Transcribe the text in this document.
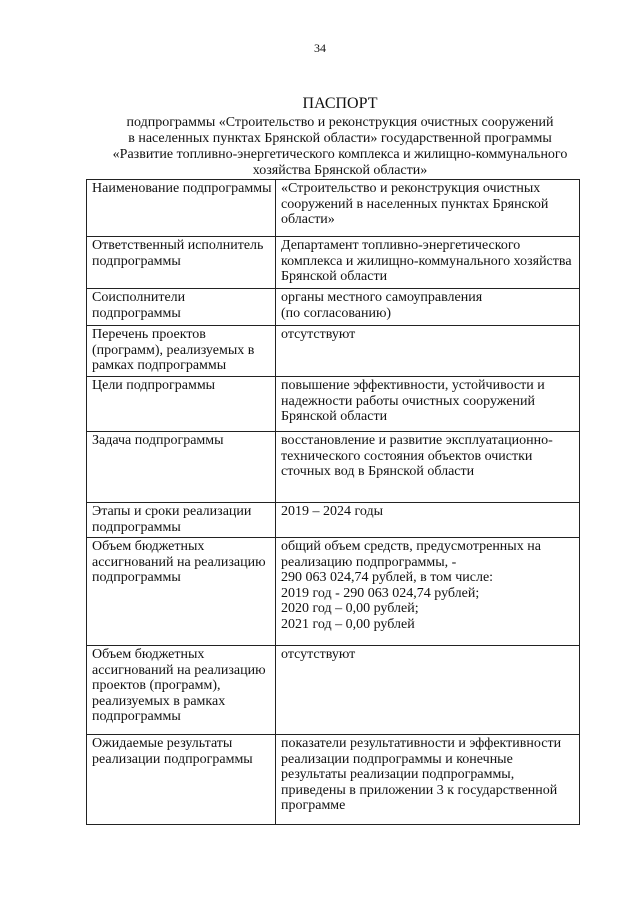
34
ПАСПОРТ
подпрограммы «Строительство и реконструкция очистных сооружений
в населенных пунктах Брянской области» государственной программы
«Развитие топливно-энергетического комплекса и жилищно-коммунального
хозяйства Брянской области»
Наименование подпрограммы	«Строительство и реконструкция очистных сооружений в населенных пунктах Брянской области»

Ответственный исполнитель подпрограммы	Департамент топливно-энергетического комплекса и жилищно-коммунального хозяйства Брянской области

Соисполнители подпрограммы	органы местного самоуправления
(по согласованию)

Перечень проектов (программ), реализуемых в рамках подпрограммы	отсутствуют

Цели подпрограммы	повышение эффективности, устойчивости и надежности работы очистных сооружений Брянской области

Задача подпрограммы	восстановление и развитие эксплуатационно-технического состояния объектов очистки сточных вод в Брянской области

Этапы и сроки реализации подпрограммы	2019 – 2024 годы

Объем бюджетных ассигнований на реализацию подпрограммы	общий объем средств, предусмотренных на реализацию подпрограммы, -
290 063 024,74 рублей, в том числе:
2019 год - 290 063 024,74 рублей;
2020 год – 0,00 рублей;
2021 год – 0,00 рублей

Объем бюджетных ассигнований на реализацию проектов (программ), реализуемых в рамках подпрограммы	отсутствуют

Ожидаемые результаты реализации подпрограммы	показатели результативности и эффективности реализации подпрограммы и конечные результаты реализации подпрограммы, приведены в приложении 3 к государственной программе
